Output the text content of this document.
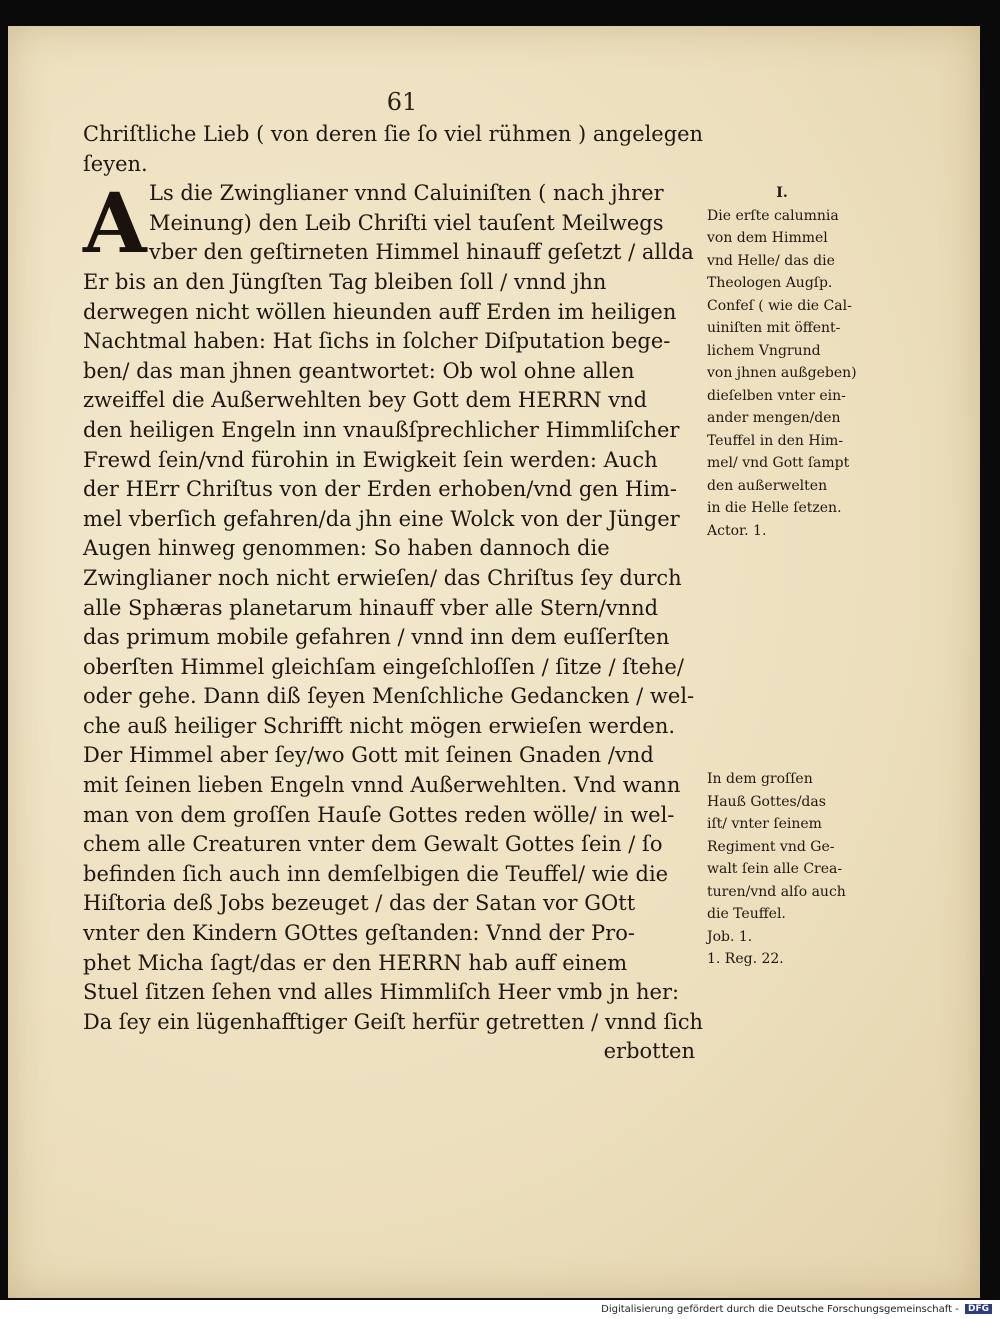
61
A
Chriſtliche Lieb ( von deren ſie ſo viel rühmen ) angelegen
ſeyen.
Ls die Zwinglianer vnnd Caluiniſten ( nach jhrer
Meinung) den Leib Chriſti viel tauſent Meilwegs
vber den geſtirneten Himmel hinauff geſetzt / allda
Er bis an den Jüngſten Tag bleiben ſoll / vnnd jhn
derwegen nicht wöllen hieunden auff Erden im heiligen
Nachtmal haben: Hat ſichs in ſolcher Diſputation bege-
ben/ das man jhnen geantwortet: Ob wol ohne allen
zweiffel die Außerwehlten bey Gott dem HERRN vnd
den heiligen Engeln inn vnaußſprechlicher Himmliſcher
Frewd ſein/vnd fürohin in Ewigkeit ſein werden: Auch
der HErr Chriſtus von der Erden erhoben/vnd gen Him-
mel vberſich gefahren/da jhn eine Wolck von der Jünger
Augen hinweg genommen: So haben dannoch die
Zwinglianer noch nicht erwieſen/ das Chriſtus ſey durch
alle Sphæras planetarum hinauff vber alle Stern/vnnd
das primum mobile gefahren / vnnd inn dem euſſerſten
oberſten Himmel gleichſam eingeſchloſſen / ſitze / ſtehe/
oder gehe. Dann diß ſeyen Menſchliche Gedancken / wel-
che auß heiliger Schrifft nicht mögen erwieſen werden.
Der Himmel aber ſey/wo Gott mit ſeinen Gnaden /vnd
mit ſeinen lieben Engeln vnnd Außerwehlten. Vnd wann
man von dem groſſen Hauſe Gottes reden wölle/ in wel-
chem alle Creaturen vnter dem Gewalt Gottes ſein / ſo
befinden ſich auch inn demſelbigen die Teuffel/ wie die
Hiſtoria deß Jobs bezeuget / das der Satan vor GOtt
vnter den Kindern GOttes geſtanden: Vnnd der Pro-
phet Micha ſagt/das er den HERRN hab auff einem
Stuel ſitzen ſehen vnd alles Himmliſch Heer vmb jn her:
Da ſey ein lügenhafftiger Geiſt herfür getretten / vnnd ſich
erbotten
I.
Die erſte calumnia
von dem Himmel
vnd Helle/ das die
Theologen Augſp.
Confeſ ( wie die Cal-
uiniſten mit öffent-
lichem Vngrund
von jhnen außgeben)
dieſelben vnter ein-
ander mengen/den
Teuffel in den Him-
mel/ vnd Gott ſampt
den außerwelten
in die Helle ſetzen.
Actor. 1.
In dem groſſen
Hauß Gottes/das
iſt/ vnter ſeinem
Regiment vnd Ge-
walt ſein alle Crea-
turen/vnd alſo auch
die Teuffel.
Job. 1.
1. Reg. 22.
Digitalisierung gefördert durch die Deutsche Forschungsgemeinschaft - DFG
